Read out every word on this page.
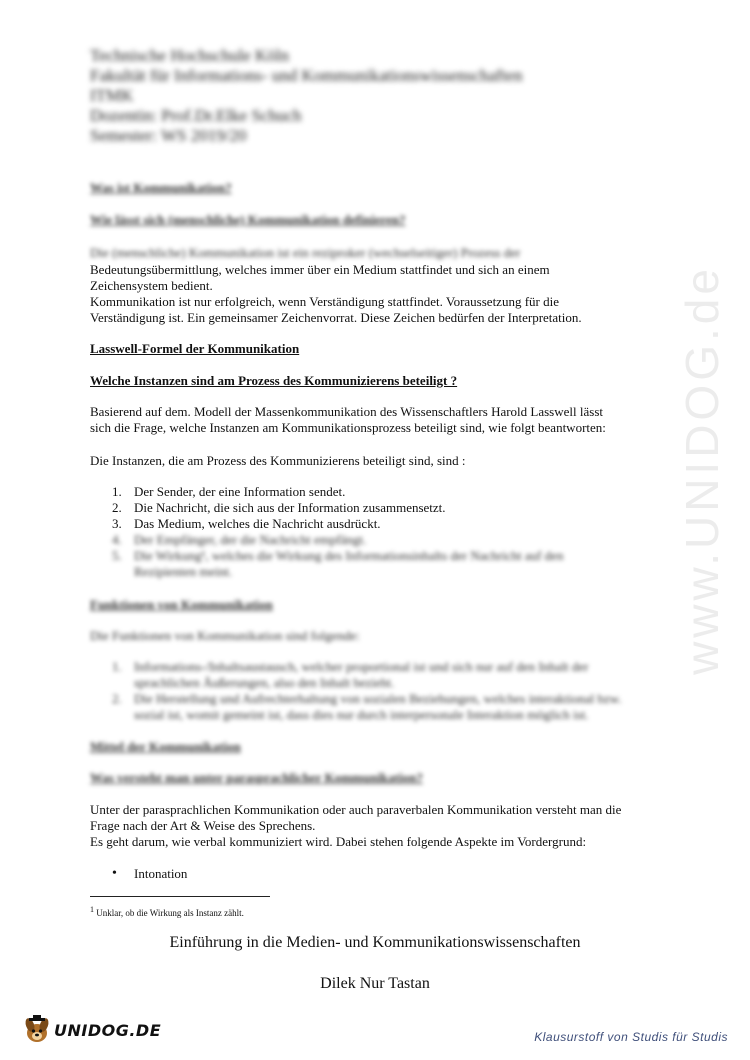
www.UNIDOG.de
Technische Hochschule Köln
Fakultät für Informations- und Kommunikationswissenschaften
ITMK
Dozentin: Prof.Dr.Elke Schuch
Semester: WS 2019/20
Was ist Kommunikation?
Wie lässt sich (menschliche) Kommunikation definieren?
Die (menschliche) Kommunikation ist ein reziproker (wechselseitiger) Prozess der
Bedeutungsübermittlung, welches immer über ein Medium stattfindet und sich an einem
Zeichensystem bedient.
Kommunikation ist nur erfolgreich, wenn Verständigung stattfindet. Voraussetzung für die
Verständigung ist. Ein gemeinsamer Zeichenvorrat. Diese Zeichen bedürfen der Interpretation.
Lasswell-Formel der Kommunikation
Welche Instanzen sind am Prozess des Kommunizierens beteiligt ?
Basierend auf dem. Modell der Massenkommunikation des Wissenschaftlers Harold Lasswell lässt
sich die Frage, welche Instanzen am Kommunikationsprozess beteiligt sind, wie folgt beantworten:
Die Instanzen, die am Prozess des Kommunizierens beteiligt sind, sind :
1. Der Sender, der eine Information sendet.
2. Die Nachricht, die sich aus der Information zusammensetzt.
3. Das Medium, welches die Nachricht ausdrückt.
4. Der Empfänger, der die Nachricht empfängt.
5. Die Wirkung¹, welches die Wirkung des Informationsinhalts der Nachricht auf den
Rezipienten meint.
Funktionen von Kommunikation
Die Funktionen von Kommunikation sind folgende:
1. Informations-/Inhaltsaustausch, welcher proportional ist und sich nur auf den Inhalt der
sprachlichen Äußerungen, also den Inhalt bezieht.
2. Die Herstellung und Aufrechterhaltung von sozialen Beziehungen, welches interaktional bzw.
sozial ist, womit gemeint ist, dass dies nur durch interpersonale Interaktion möglich ist.
Mittel der Kommunikation
Was versteht man unter parasprachlicher Kommunikation?
Unter der parasprachlichen Kommunikation oder auch paraverbalen Kommunikation versteht man die
Frage nach der Art & Weise des Sprechens.
Es geht darum, wie verbal kommuniziert wird. Dabei stehen folgende Aspekte im Vordergrund:
•	Intonation
$^1$ Unklar, ob die Wirkung als Instanz zählt.
Einführung in die Medien- und Kommunikationswissenschaften
Dilek Nur Tastan
UNIDOG.DE	Klausurstoff von Studis für Studis
